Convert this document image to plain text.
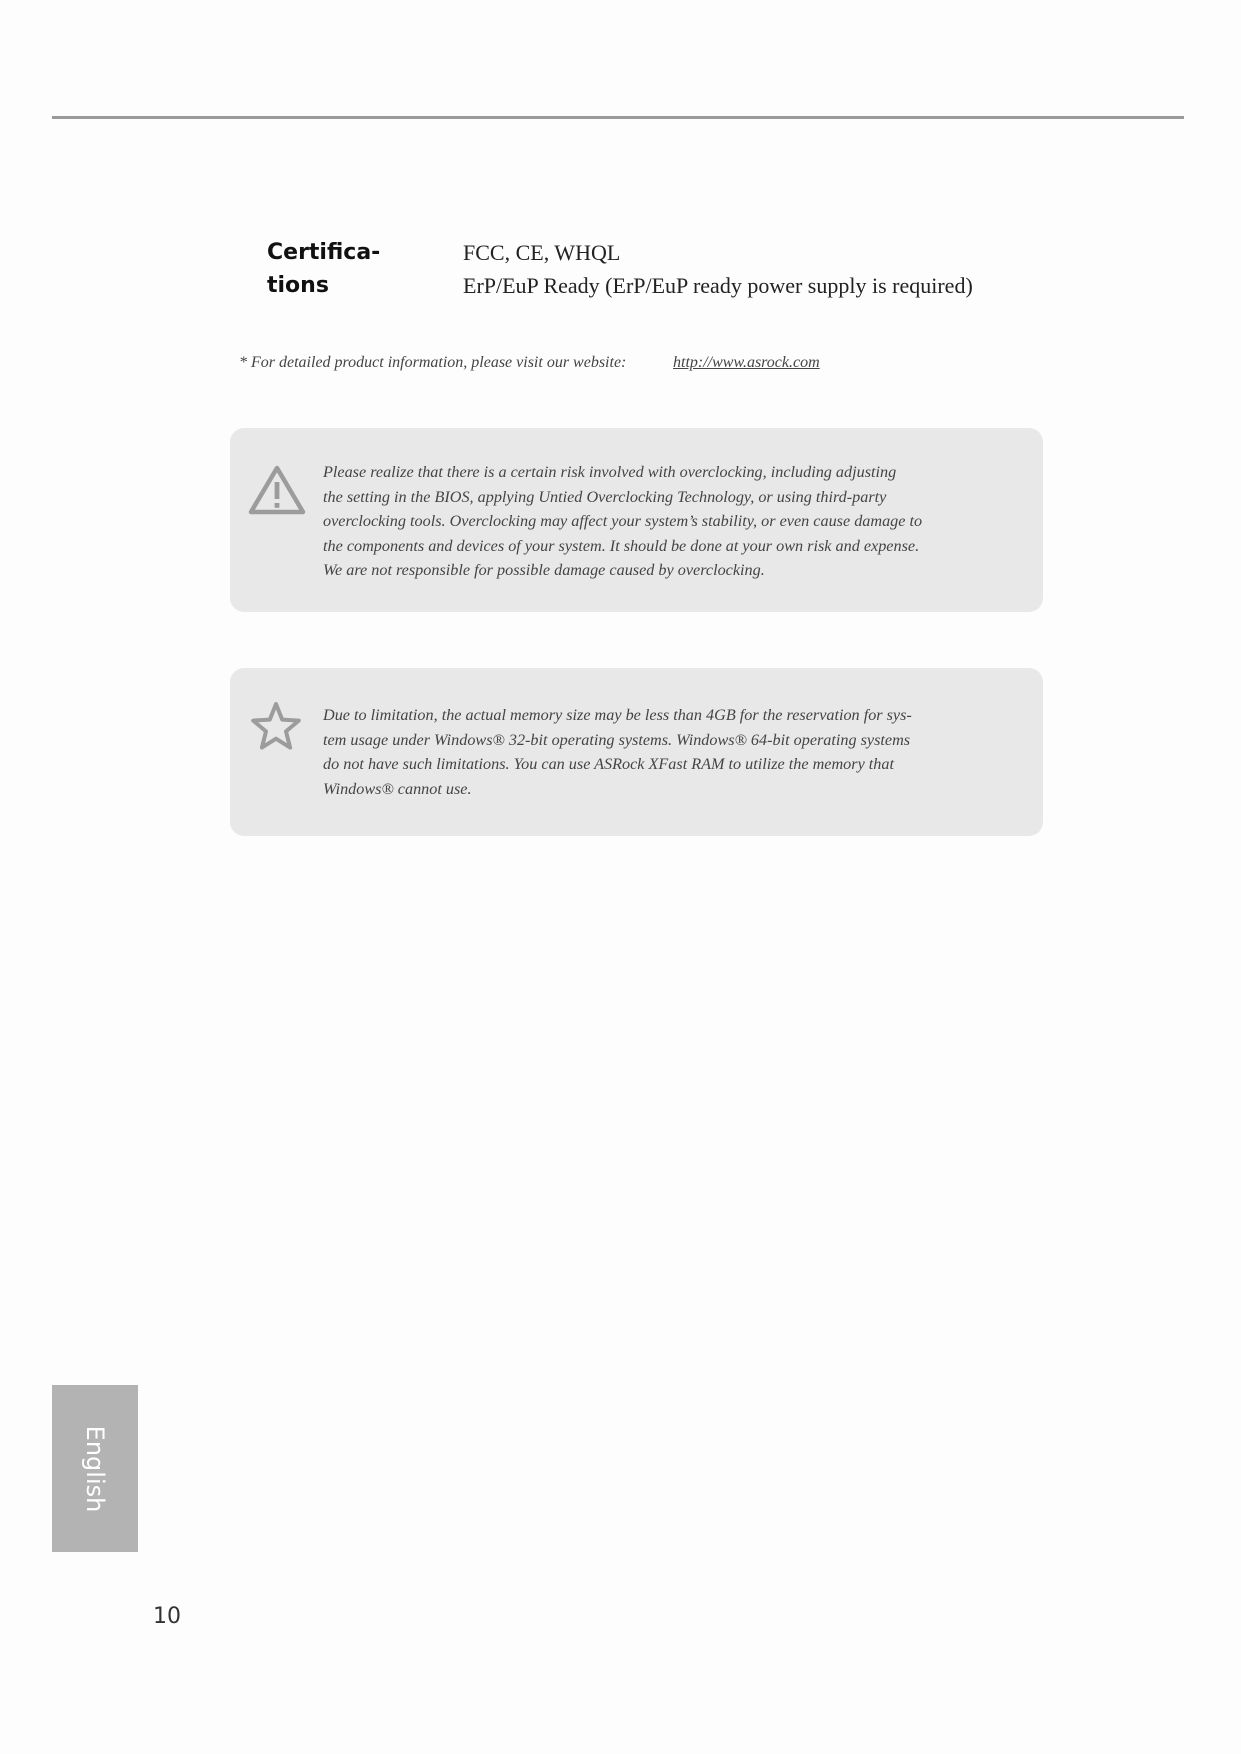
Certifica-
tions
FCC, CE, WHQL
ErP/EuP Ready (ErP/EuP ready power supply is required)
* For detailed product information, please visit our website:	http://www.asrock.com
Please realize that there is a certain risk involved with overclocking, including adjusting
the setting in the BIOS, applying Untied Overclocking Technology, or using third-party
overclocking tools. Overclocking may affect your system’s stability, or even cause damage to
the components and devices of your system. It should be done at your own risk and expense.
We are not responsible for possible damage caused by overclocking.
Due to limitation, the actual memory size may be less than 4GB for the reservation for sys-
tem usage under Windows® 32-bit operating systems. Windows® 64-bit operating systems
do not have such limitations. You can use ASRock XFast RAM to utilize the memory that
Windows® cannot use.
English
10
